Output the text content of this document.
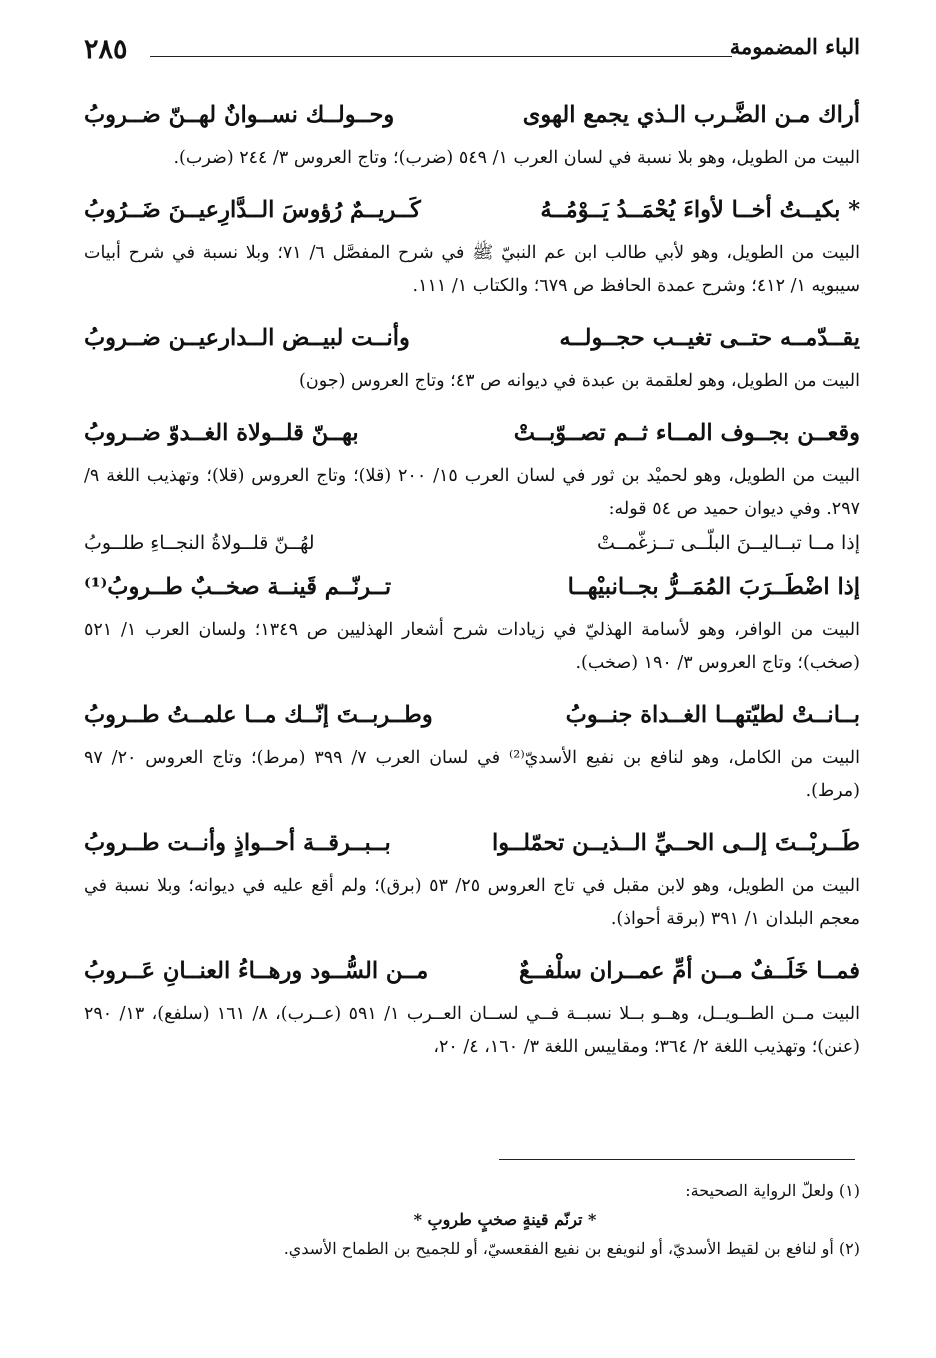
٢٨٥	الباء المضمومة
أراك مـن الضَّـرب الـذي يجمع الهوى
وحــولــك نســوانٌ لهــنّ ضــروبُ

البيت من الطويل، وهو بلا نسبة في لسان العرب ١/ ٥٤٩ (ضرب)؛ وتاج العروس ٣/ ٢٤٤ (ضرب).

* بكيــتُ أخــا لأواءَ يُحْمَــدُ يَــوْمُــهُ
كَــريــمٌ رُؤوسَ الــدَّارِعيــنَ ضَــرُوبُ

البيت من الطويل، وهو لأبي طالب ابن عم النبيّ ﷺ في شرح المفصَّل ٦/ ٧١؛ وبلا نسبة في شرح أبيات سيبويه ١/ ٤١٢؛ وشرح عمدة الحافظ ص ٦٧٩؛ والكتاب ١/ ١١١.

يقــدّمــه حتــى تغيــب حجــولــه
وأنــت لبيــض الــدارعيــن ضــروبُ

البيت من الطويل، وهو لعلقمة بن عبدة في ديوانه ص ٤٣؛ وتاج العروس (جون)

وقعــن بجــوف المــاء ثــم تصــوّبــتْ
بهــنّ قلــولاة الغــدوّ ضــروبُ

البيت من الطويل، وهو لحميْد بن ثور في لسان العرب ١٥/ ٢٠٠ (قلا)؛ وتاج العروس (قلا)؛ وتهذيب اللغة ٩/ ٢٩٧. وفي ديوان حميد ص ٥٤ قوله:

إذا مــا تبــاليــنَ البلّــى تــزغّمــتْ
لهُــنّ قلــولاةُ النجــاءِ طلــوبُ
إذا اضْطَــرَبَ المُمَــرُّ بجــانبيْهــا
تــرنّــم قَينــة صخــبٌ طــروبُ⁽¹⁾

البيت من الوافر، وهو لأسامة الهذليّ في زيادات شرح أشعار الهذليين ص ١٣٤٩؛ ولسان العرب ١/ ٥٢١ (صخب)؛ وتاج العروس ٣/ ١٩٠ (صخب).

بــانــتْ لطيّتهــا الغــداة جنــوبُ
وطــربــتَ إنّــك مــا علمــتُ طــروبُ

البيت من الكامل، وهو لنافع بن نفيع الأسديّ⁽²⁾ في لسان العرب ٧/ ٣٩٩ (مرط)؛ وتاج العروس ٢٠/ ٩٧ (مرط).

طَــربْــتَ إلــى الحــيِّ الــذيــن تحمّلــوا
بــبــرقــة أحــواذٍ وأنــت طــروبُ

البيت من الطويل، وهو لابن مقبل في تاج العروس ٢٥/ ٥٣ (برق)؛ ولم أقع عليه في ديوانه؛ وبلا نسبة في معجم البلدان ١/ ٣٩١ (برقة أحواذ).

فمــا خَلَــفٌ مــن أمِّ عمــران سلْفــعٌ
مــن السُّــود ورهــاءُ العنــانِ عَــروبُ

البيت مــن الطــويــل، وهــو بــلا نسبــة فــي لســان العــرب ١/ ٥٩١ (عــرب)، ٨/ ١٦١ (سلفع)، ١٣/ ٢٩٠ (عنن)؛ وتهذيب اللغة ٢/ ٣٦٤؛ ومقاييس اللغة ٣/ ١٦٠، ٤/ ٢٠،

(١) ولعلّ الرواية الصحيحة:
* ترنّم قينةٍ صخبٍ طروبِ *
(٢) أو لنافع بن لقيط الأسديّ، أو لنويفع بن نفيع الفقعسيّ، أو للجميح بن الطماح الأسدي.
